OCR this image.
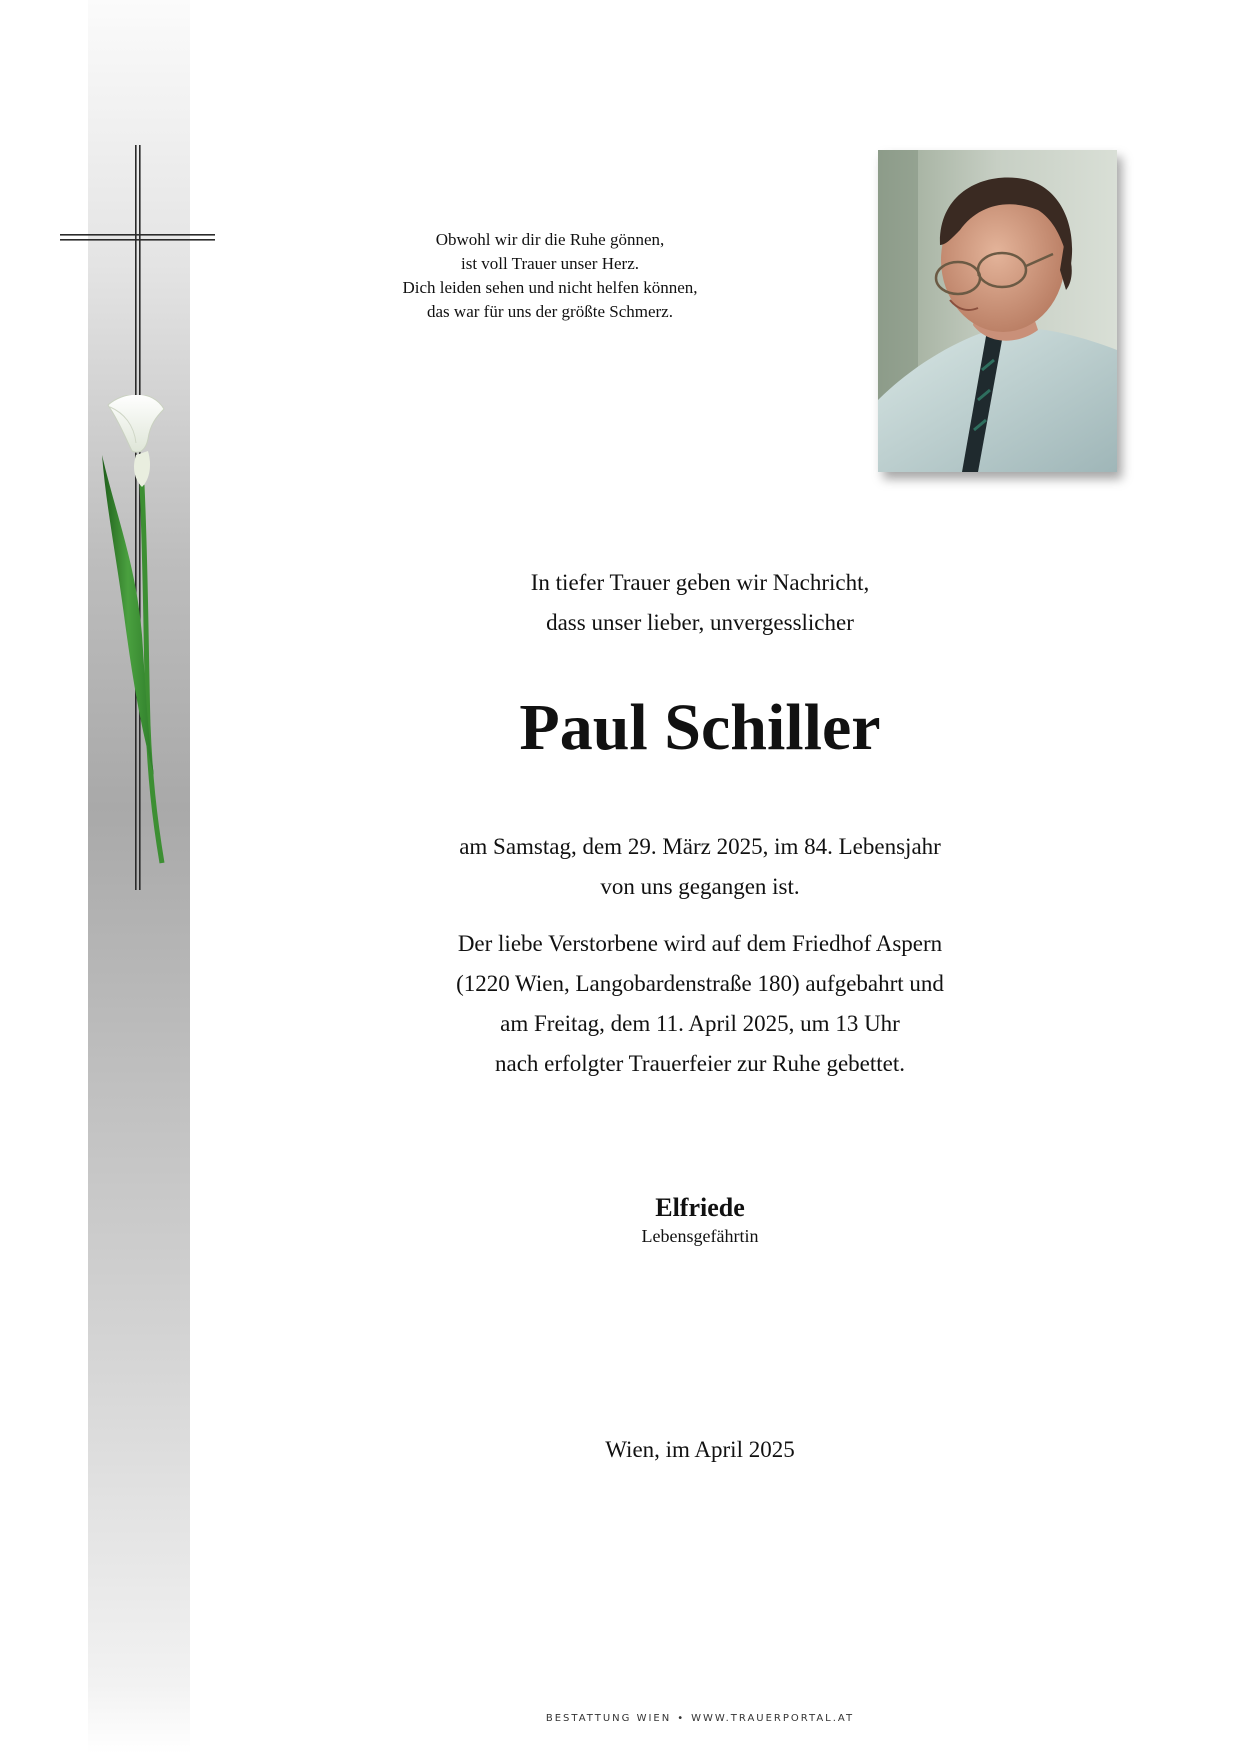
Obwohl wir dir die Ruhe gönnen,
ist voll Trauer unser Herz.
Dich leiden sehen und nicht helfen können,
das war für uns der größte Schmerz.
In tiefer Trauer geben wir Nachricht,
dass unser lieber, unvergesslicher
Paul Schiller
am Samstag, dem 29. März 2025, im 84. Lebensjahr
von uns gegangen ist.
Der liebe Verstorbene wird auf dem Friedhof Aspern
(1220 Wien, Langobardenstraße 180) aufgebahrt und
am Freitag, dem 11. April 2025, um 13 Uhr
nach erfolgter Trauerfeier zur Ruhe gebettet.
Elfriede
Lebensgefährtin
Wien, im April 2025
BESTATTUNG WIEN • WWW.TRAUERPORTAL.AT
